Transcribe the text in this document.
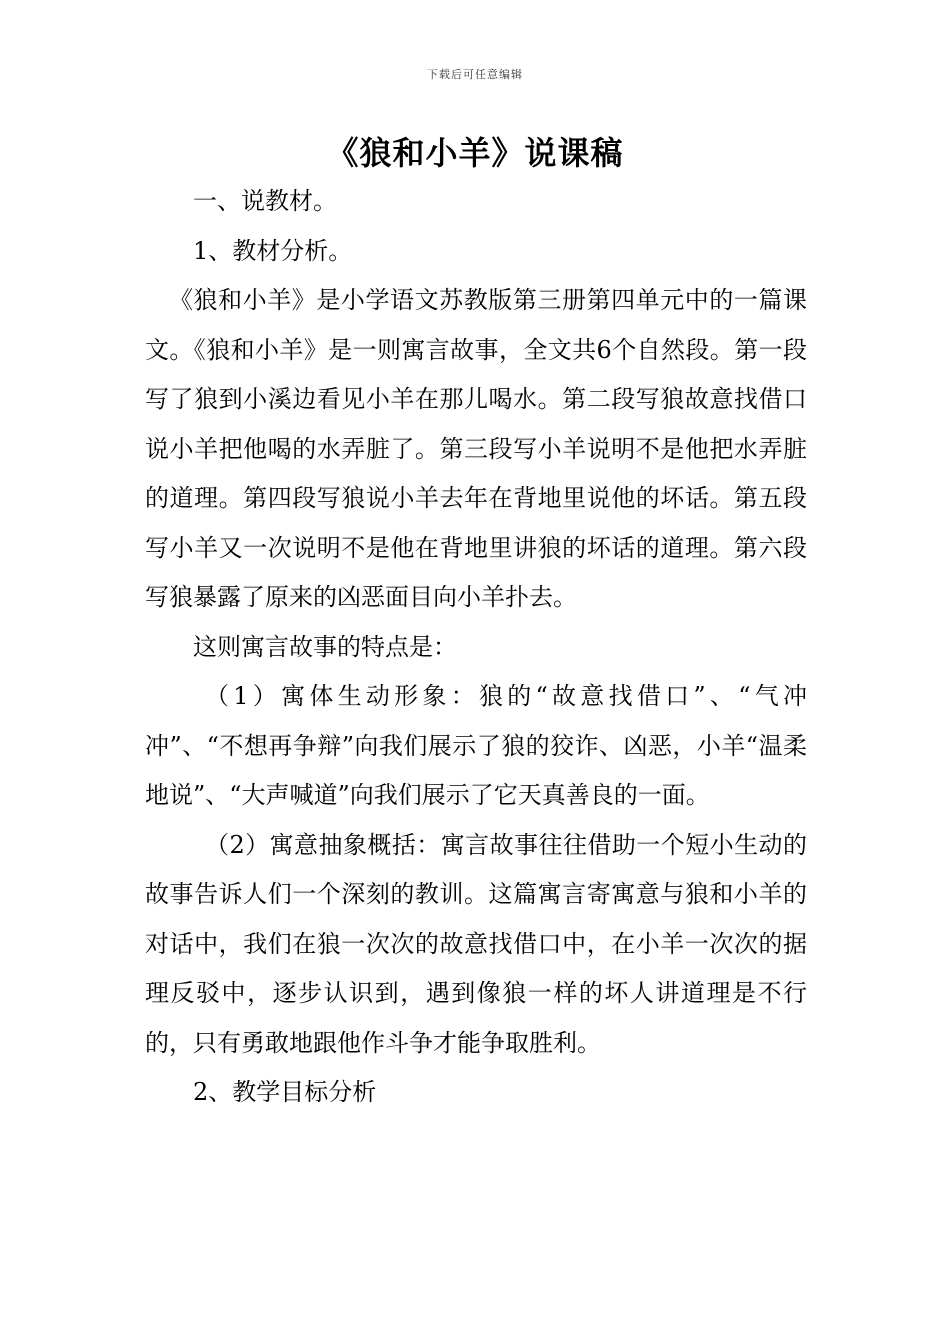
下载后可任意编辑
《狼和小羊》说课稿

一、说教材。

1、教材分析。

《狼和小羊》是小学语文苏教版第三册第四单元中的一篇课文。《狼和小羊》是一则寓言故事，全文共6个自然段。第一段写了狼到小溪边看见小羊在那儿喝水。第二段写狼故意找借口说小羊把他喝的水弄脏了。第三段写小羊说明不是他把水弄脏的道理。第四段写狼说小羊去年在背地里说他的坏话。第五段写小羊又一次说明不是他在背地里讲狼的坏话的道理。第六段写狼暴露了原来的凶恶面目向小羊扑去。

这则寓言故事的特点是：

（1）寓体生动形象：狼的“故意找借口”、“气冲冲”、“不想再争辩”向我们展示了狼的狡诈、凶恶，小羊“温柔地说”、“大声喊道”向我们展示了它天真善良的一面。

（2）寓意抽象概括：寓言故事往往借助一个短小生动的故事告诉人们一个深刻的教训。这篇寓言寄寓意与狼和小羊的对话中，我们在狼一次次的故意找借口中，在小羊一次次的据理反驳中，逐步认识到，遇到像狼一样的坏人讲道理是不行的，只有勇敢地跟他作斗争才能争取胜利。

2、教学目标分析
